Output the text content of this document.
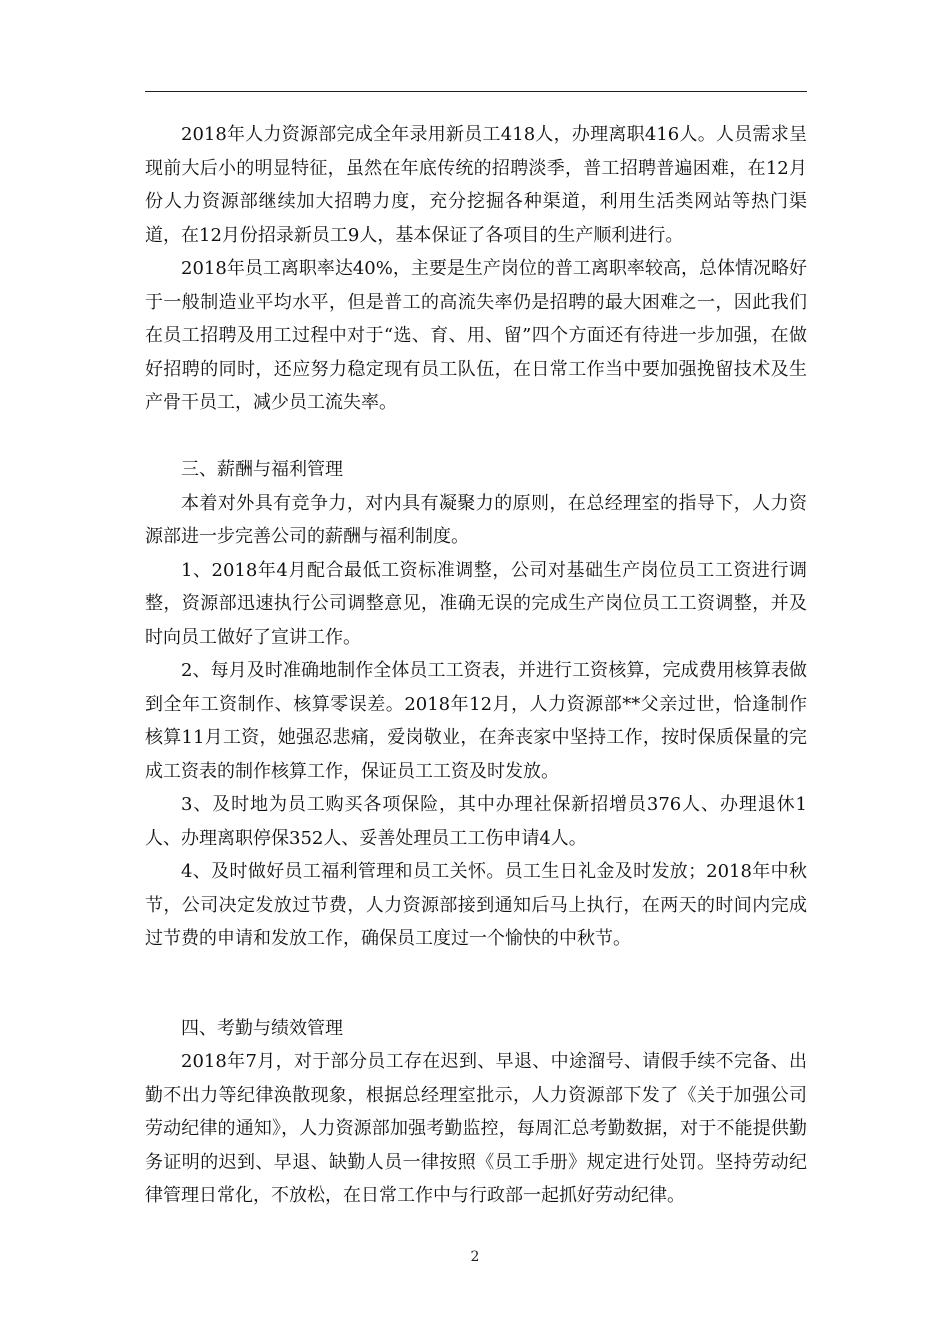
2018年人力资源部完成全年录用新员工418人，办理离职416人。人员需求呈现前大后小的明显特征，虽然在年底传统的招聘淡季，普工招聘普遍困难，在12月份人力资源部继续加大招聘力度，充分挖掘各种渠道，利用生活类网站等热门渠道，在12月份招录新员工9人，基本保证了各项目的生产顺利进行。

2018年员工离职率达40%，主要是生产岗位的普工离职率较高，总体情况略好于一般制造业平均水平，但是普工的高流失率仍是招聘的最大困难之一，因此我们在员工招聘及用工过程中对于“选、育、用、留”四个方面还有待进一步加强，在做好招聘的同时，还应努力稳定现有员工队伍，在日常工作当中要加强挽留技术及生产骨干员工，减少员工流失率。

三、薪酬与福利管理

本着对外具有竞争力，对内具有凝聚力的原则，在总经理室的指导下，人力资源部进一步完善公司的薪酬与福利制度。

1、2018年4月配合最低工资标准调整，公司对基础生产岗位员工工资进行调整，资源部迅速执行公司调整意见，准确无误的完成生产岗位员工工资调整，并及时向员工做好了宣讲工作。

2、每月及时准确地制作全体员工工资表，并进行工资核算，完成费用核算表做到全年工资制作、核算零误差。2018年12月，人力资源部**父亲过世，恰逢制作核算11月工资，她强忍悲痛，爱岗敬业，在奔丧家中坚持工作，按时保质保量的完成工资表的制作核算工作，保证员工工资及时发放。

3、及时地为员工购买各项保险，其中办理社保新招增员376人、办理退休1人、办理离职停保352人、妥善处理员工工伤申请4人。

4、及时做好员工福利管理和员工关怀。员工生日礼金及时发放；2018年中秋节，公司决定发放过节费，人力资源部接到通知后马上执行，在两天的时间内完成过节费的申请和发放工作，确保员工度过一个愉快的中秋节。

四、考勤与绩效管理

2018年7月，对于部分员工存在迟到、早退、中途溜号、请假手续不完备、出勤不出力等纪律涣散现象，根据总经理室批示，人力资源部下发了《关于加强公司劳动纪律的通知》，人力资源部加强考勤监控，每周汇总考勤数据，对于不能提供勤务证明的迟到、早退、缺勤人员一律按照《员工手册》规定进行处罚。坚持劳动纪律管理日常化，不放松，在日常工作中与行政部一起抓好劳动纪律。

2
